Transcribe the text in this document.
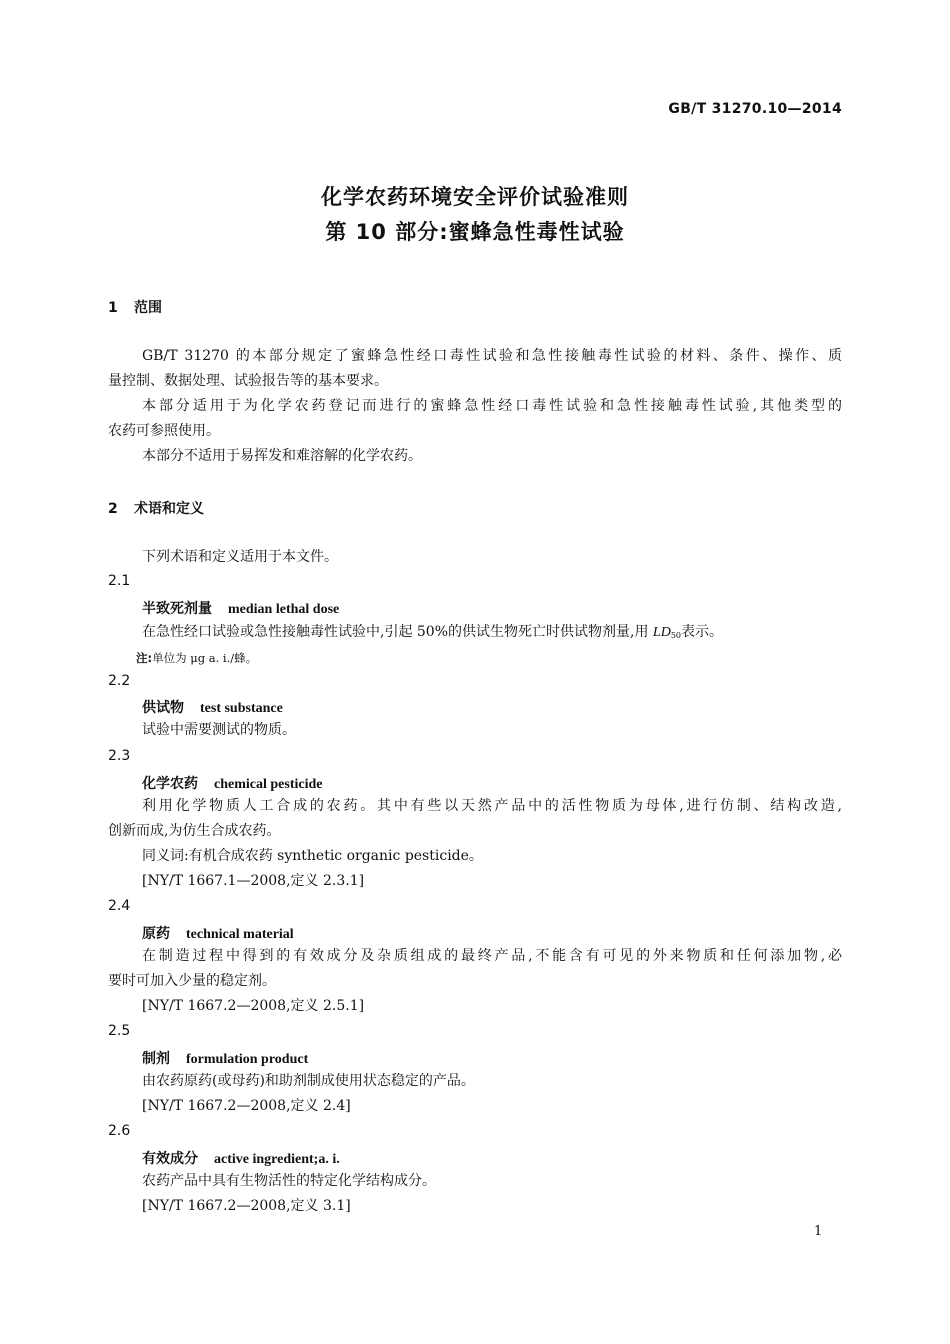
GB/T 31270.10—2014
化学农药环境安全评价试验准则
第 10 部分:蜜蜂急性毒性试验
1 范围
GB/T 31270 的本部分规定了蜜蜂急性经口毒性试验和急性接触毒性试验的材料、条件、操作、质
量控制、数据处理、试验报告等的基本要求。
本部分适用于为化学农药登记而进行的蜜蜂急性经口毒性试验和急性接触毒性试验,其他类型的
农药可参照使用。
本部分不适用于易挥发和难溶解的化学农药。
2 术语和定义
下列术语和定义适用于本文件。
2.1
半致死剂量 median lethal dose
在急性经口试验或急性接触毒性试验中,引起 50%的供试生物死亡时供试物剂量,用 $LD_{50}$表示。
注:单位为 μg a. i./蜂。
2.2
供试物 test substance
试验中需要测试的物质。
2.3
化学农药 chemical pesticide
利用化学物质人工合成的农药。其中有些以天然产品中的活性物质为母体,进行仿制、结构改造,
创新而成,为仿生合成农药。
同义词:有机合成农药 synthetic organic pesticide。
[NY/T 1667.1—2008,定义 2.3.1]
2.4
原药 technical material
在制造过程中得到的有效成分及杂质组成的最终产品,不能含有可见的外来物质和任何添加物,必
要时可加入少量的稳定剂。
[NY/T 1667.2—2008,定义 2.5.1]
2.5
制剂 formulation product
由农药原药(或母药)和助剂制成使用状态稳定的产品。
[NY/T 1667.2—2008,定义 2.4]
2.6
有效成分 active ingredient;a. i.
农药产品中具有生物活性的特定化学结构成分。
[NY/T 1667.2—2008,定义 3.1]
1
